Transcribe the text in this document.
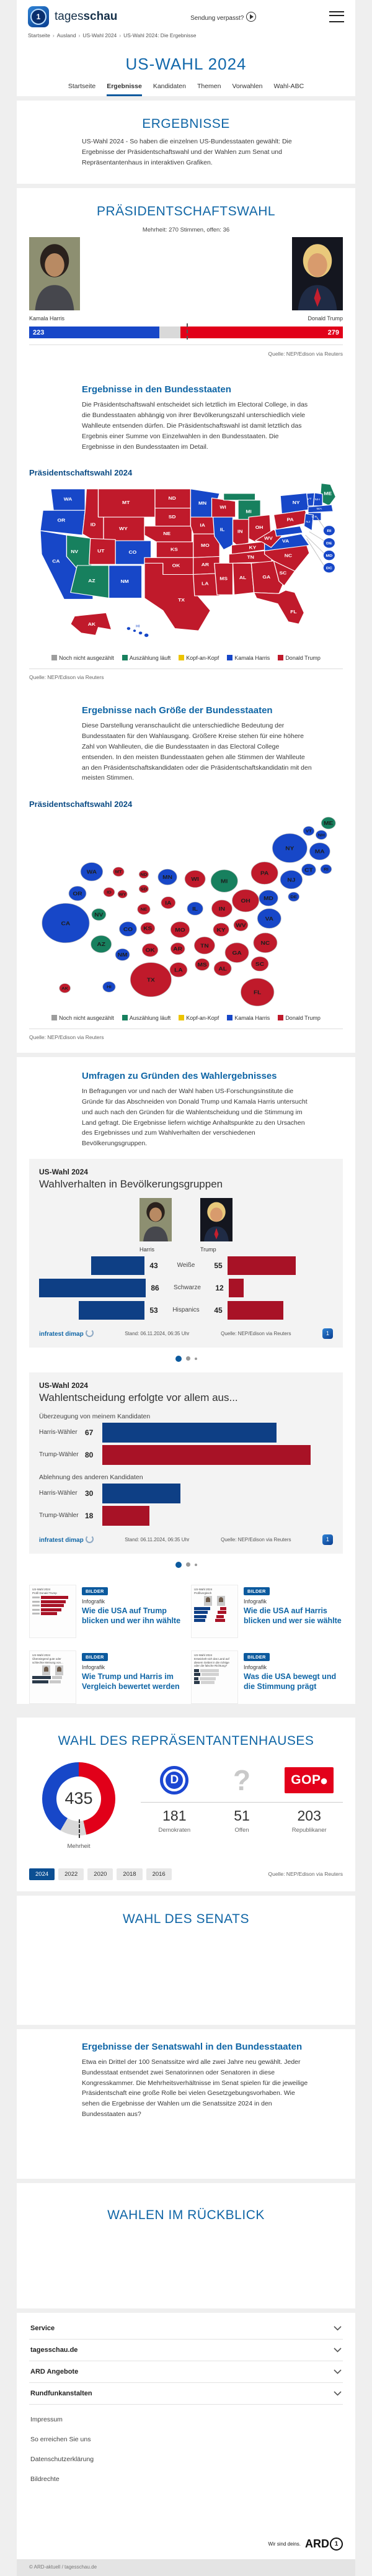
1	tagesschau	Sendung verpasst?
Startseite › Ausland › US-Wahl 2024 › US-Wahl 2024: Die Ergebnisse
US-WAHL 2024
Startseite Ergebnisse Kandidaten Themen Vorwahlen Wahl-ABC
ERGEBNISSE

US-Wahl 2024 - So haben die einzelnen US-Bundesstaaten gewählt: Die Ergebnisse der Präsidentschaftswahl und der Wahlen zum Senat und Repräsentantenhaus in interaktiven Grafiken.

PRÄSIDENTSCHAFTSWAHL
Mehrheit: 270 Stimmen, offen: 36
Kamala Harris	Donald Trump
223	279
Quelle: NEP/Edison via Reuters
Ergebnisse in den Bundesstaaten

Die Präsidentschaftswahl entscheidet sich letztlich im Electoral College, in das die Bundesstaaten abhängig von ihrer Bevölkerungszahl unterschiedlich viele Wahlleute entsenden dürfen. Die Präsidentschaftswahl ist damit letztlich das Ergebnis einer Summe von Einzelwahlen in den Bundesstaaten. Die Ergebnisse in den Bundesstaaten im Detail.

Präsidentschaftswahl 2024
HI
WA
OR
CA
NV
ID
MT
WY
UT	CO
AZ	NM
ND
SD
NE
KS
OK
TX
MN
IA
MO
AR
LA
WI
IL
MS
MI
IN
OH
KY
TN
AL	GA
FL
SC
NC
VA
WV
PA
NY
ME
VT NH
MA
CT
NJ
AK
RI
DE
MD
DC
Noch nicht ausgezählt	Auszählung läuft	Kopf-an-Kopf	Kamala Harris	Donald Trump
Quelle: NEP/Edison via Reuters
Ergebnisse nach Größe der Bundesstaaten

Diese Darstellung veranschaulicht die unterschiedliche Bedeutung der Bundesstaaten für den Wahlausgang. Größere Kreise stehen für eine höhere Zahl von Wahlleuten, die die Bundesstaaten in das Electoral College entsenden. In den meisten Bundesstaaten gehen alle Stimmen der Wahlleute an den Präsidentschaftskandidaten oder die Präsidentschaftskandidatin mit den meisten Stimmen.

Präsidentschaftswahl 2024
CA
WA
OR
NV
AZ
NM
MT
ID
WY
ND
SD
NE
CO KS
OK
TX
MN
IA
MO
AR
LA
WI
IL
MS
MI
IN
KY
TN
AL
OH
WV
GA
SC
NC
VA
FL
PA
MD
NY
NJ
DE
VT
NH
MA
CT	RI
ME
AK	HI
Noch nicht ausgezählt	Auszählung läuft	Kopf-an-Kopf	Kamala Harris	Donald Trump
Quelle: NEP/Edison via Reuters
Umfragen zu Gründen des Wahlergebnisses

In Befragungen vor und nach der Wahl haben US-Forschungsinstitute die Gründe für das Abschneiden von Donald Trump und Kamala Harris untersucht und auch nach den Gründen für die Wahlentscheidung und die Stimmung im Land gefragt. Die Ergebnisse liefern wichtige Anhaltspunkte zu den Ursachen des Ergebnisses und zum Wahlverhalten der verschiedenen Bevölkerungsgruppen.

US-Wahl 2024
Wahlverhalten in Bevölkerungsgruppen
Harris	Trump
43	Weiße	55
86	Schwarze	12
53	Hispanics	45
infratest dimap	Stand: 06.11.2024, 06:35 Uhr	Quelle: NEP/Edison via Reuters	1
US-Wahl 2024
Wahlentscheidung erfolgte vor allem aus...
Überzeugung von meinem Kandidaten
Harris-Wähler	67
Trump-Wähler 80
Ablehnung des anderen Kandidaten
Harris-Wähler	30
Trump-Wähler 18
infratest dimap	Stand: 06.11.2024, 06:35 Uhr	Quelle: NEP/Edison via Reuters	1
US-Wahl 2024
Profil Donald Trump	BILDER
Infografik
Wie die USA auf Trump blicken und wer ihn wählte
US-Wahl 2024
Profilvergleich	BILDER
Infografik
Wie die USA auf Harris blicken und wer sie wählte
US-Wahl 2024
Überwiegend gute oder schlechte Meinung von...
BILDER
Infografik
Wie Trump und Harris im Vergleich bewertet werden
US-Wahl 2024
Entwickelt sich das Land auf diesem Gebiet in die richtige oder die falsche Richtung?
BILDER
Infografik
Was die USA bewegt und die Stimmung prägt
WAHL DES REPRÄSENTANTENHAUSES
435
Mehrheit
D ?	GOP⬤
181
Demokraten
51
Offen
203
Republikaner
2024	2022	2020	2018	2016	Quelle: NEP/Edison via Reuters
WAHL DES SENATS
Ergebnisse der Senatswahl in den Bundesstaaten

Etwa ein Drittel der 100 Senatssitze wird alle zwei Jahre neu gewählt. Jeder Bundesstaat entsendet zwei Senatorinnen oder Senatoren in diese Kongresskammer. Die Mehrheitsverhältnisse im Senat spielen für die jeweilige Präsidentschaft eine große Rolle bei vielen Gesetzgebungsvorhaben. Wie sehen die Ergebnisse der Wahlen um die Senatssitze 2024 in den Bundesstaaten aus?

WAHLEN IM RÜCKBLICK
Service
tagesschau.de
ARD Angebote
Rundfunkanstalten
Impressum
So erreichen Sie uns
Datenschutzerklärung
Bildrechte
Wir sind deins. ARD 1
© ARD-aktuell / tagesschau.de
